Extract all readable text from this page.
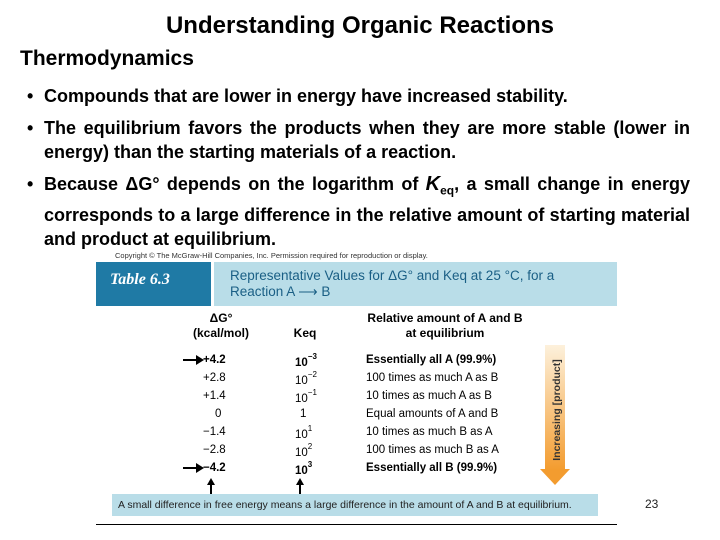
Understanding Organic Reactions
Thermodynamics
• Compounds that are lower in energy have increased stability.
• The equilibrium favors the products when they are more stable (lower in energy) than the starting materials of a reaction.
• Because ΔG° depends on the logarithm of $K_{eq}$, a small change in energy corresponds to a large difference in the relative amount of starting material and product at equilibrium.
Copyright © The McGraw-Hill Companies, Inc. Permission required for reproduction or display.
Table 6.3	Representative Values for ΔG° and Keq at 25 °C, for a
Reaction A ⟶ B
ΔG°
(kcal/mol)	Keq
Relative amount of A and B
at equilibrium
+4.2	$10^{-3}$	Essentially all A (99.9%)
+2.8	$10^{-2}$	100 times as much A as B
+1.4	$10^{-1}$	10 times as much A as B
0	1	Equal amounts of A and B
−1.4	$10^1$	10 times as much B as A
−2.8	$10^2$	100 times as much B as A
−4.2	$10^3$	Essentially all B (99.9%)
Increasing [product]
A small difference in free energy means a large difference in the amount of A and B at equilibrium.	23
